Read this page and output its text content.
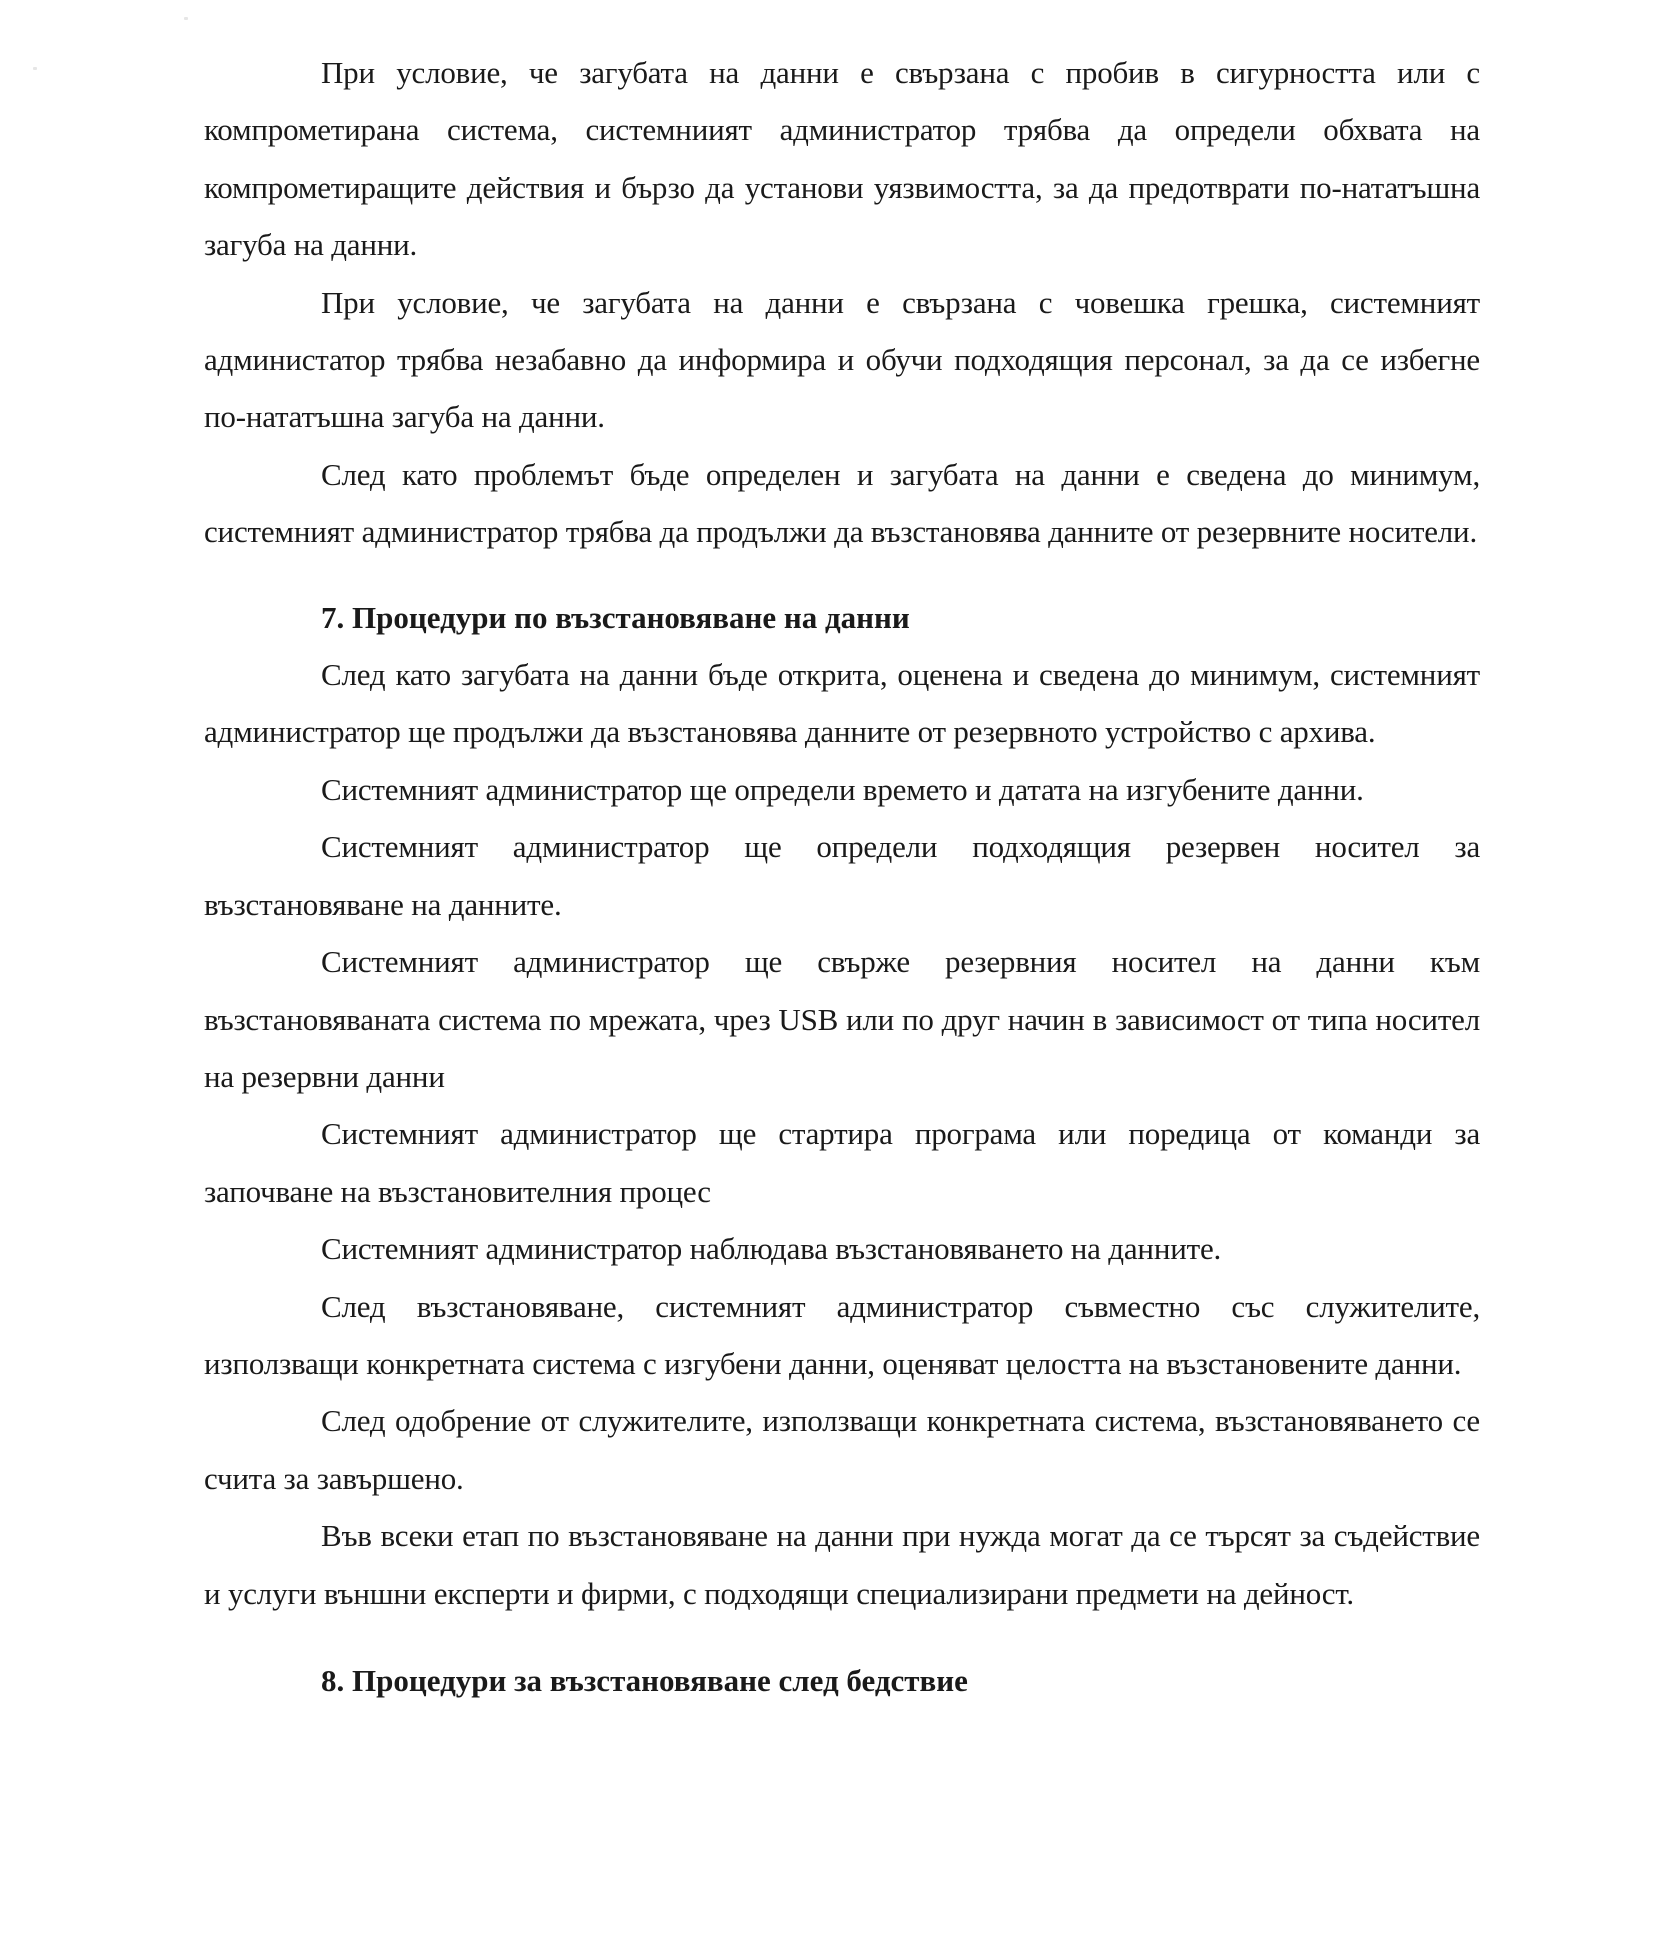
При условие, че загубата на данни е свързана с пробив в сигурността или с компрометирана система, системниият администратор трябва да определи обхвата на компрометиращите действия и бързо да установи уязвимостта, за да предотврати по-нататъшна загуба на данни.

При условие, че загубата на данни е свързана с човешка грешка, системният администатор трябва незабавно да информира и обучи подходящия персонал, за да се избегне по-нататъшна загуба на данни.

След като проблемът бъде определен и загубата на данни е сведена до минимум, системният администратор трябва да продължи да възстановява данните от резервните носители.

7. Процедури по възстановяване на данни

След като загубата на данни бъде открита, оценена и сведена до минимум, системният администратор ще продължи да възстановява данните от резервното устройство с архива.

Системният администратор ще определи времето и датата на изгубените данни.

Системният администратор ще определи подходящия резервен носител за възстановяване на данните.

Системният администратор ще свърже резервния носител на данни към възстановяваната система по мрежата, чрез USB или по друг начин в зависимост от типа носител на резервни данни

Системният администратор ще стартира програма или поредица от команди за започване на възстановителния процес

Системният администратор наблюдава възстановяването на данните.

След възстановяване, системният администратор съвместно със служителите, използващи конкретната система с изгубени данни, оценяват целостта на възстановените данни.

След одобрение от служителите, използващи конкретната система, възстановяването се счита за завършено.

Във всеки етап по възстановяване на данни при нужда могат да се търсят за съдействие и услуги външни експерти и фирми, с подходящи специализирани предмети на дейност.

8. Процедури за възстановяване след бедствие
